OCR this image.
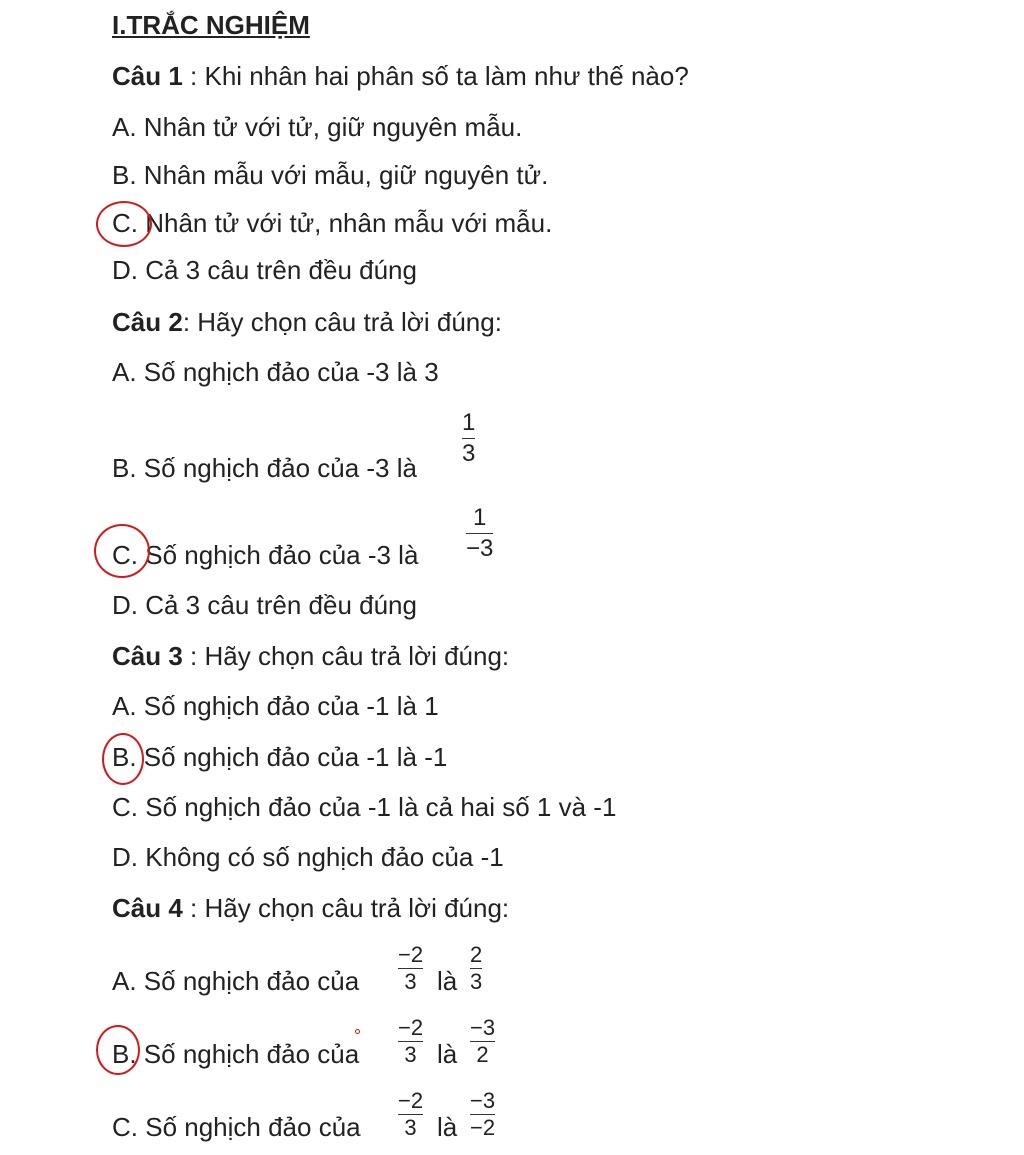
I.TRẮC NGHIỆM
Câu 1 : Khi nhân hai phân số ta làm như thế nào?
A. Nhân tử với tử, giữ nguyên mẫu.
B. Nhân mẫu với mẫu, giữ nguyên tử.
C. Nhân tử với tử, nhân mẫu với mẫu.
D. Cả 3 câu trên đều đúng
Câu 2: Hãy chọn câu trả lời đúng:
A. Số nghịch đảo của -3 là 3
B. Số nghịch đảo của -3 là
1
3
C. Số nghịch đảo của -3 là
1
−3
D. Cả 3 câu trên đều đúng
Câu 3 : Hãy chọn câu trả lời đúng:
A. Số nghịch đảo của -1 là 1
B. Số nghịch đảo của -1 là -1
C. Số nghịch đảo của -1 là cả hai số 1 và -1
D. Không có số nghịch đảo của -1
Câu 4 : Hãy chọn câu trả lời đúng:
A. Số nghịch đảo của
−2
3 là
2
3
B. Số nghịch đảo của
−2
3 là
−3
2
C. Số nghịch đảo của
−2
3 là
−3
−2
